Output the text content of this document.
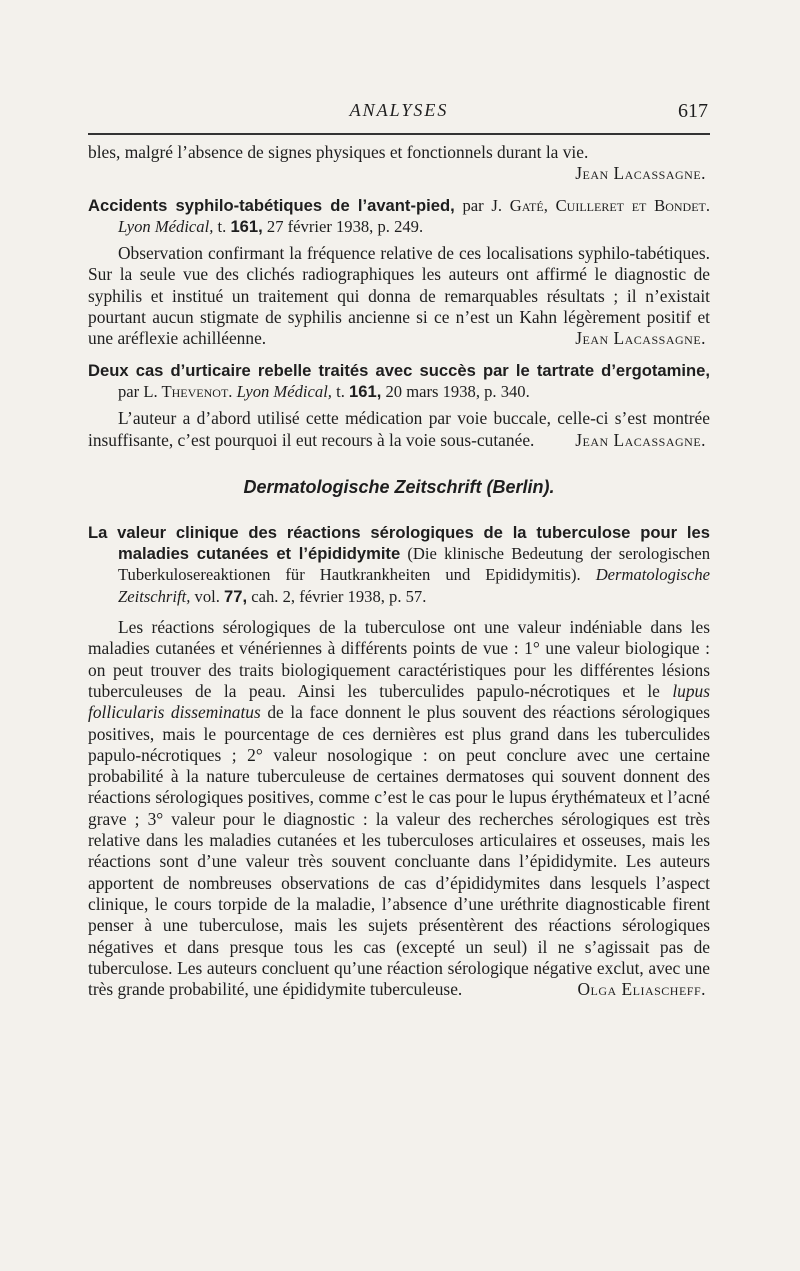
ANALYSES	617

bles, malgré l’absence de signes physiques et fonctionnels durant la vie.
Jean Lacassagne.

Accidents syphilo-tabétiques de l’avant-pied, par J. Gaté, Cuilleret et Bondet. Lyon Médical, t. 161, 27 février 1938, p. 249.

Observation confirmant la fréquence relative de ces localisations syphilo-tabétiques. Sur la seule vue des clichés radiographiques les auteurs ont affirmé le diagnostic de syphilis et institué un traitement qui donna de remarquables résultats ; il n’existait pourtant aucun stigmate de syphilis ancienne si ce n’est un Kahn légèrement positif et une aréflexie achilléenne.	Jean Lacassagne.

Deux cas d’urticaire rebelle traités avec succès par le tartrate d’ergotamine, par L. Thevenot. Lyon Médical, t. 161, 20 mars 1938, p. 340.

L’auteur a d’abord utilisé cette médication par voie buccale, celle-ci s’est montrée insuffisante, c’est pourquoi il eut recours à la voie sous-cutanée.	Jean Lacassagne.

Dermatologische Zeitschrift (Berlin).

La valeur clinique des réactions sérologiques de la tuberculose pour les maladies cutanées et l’épididymite (Die klinische Bedeutung der serologischen Tuberkulosereaktionen für Hautkrankheiten und Epididymitis). Dermatologische Zeitschrift, vol. 77, cah. 2, février 1938, p. 57.

Les réactions sérologiques de la tuberculose ont une valeur indéniable dans les maladies cutanées et vénériennes à différents points de vue : 1° une valeur biologique : on peut trouver des traits biologiquement caractéristiques pour les différentes lésions tuberculeuses de la peau. Ainsi les tuberculides papulo-nécrotiques et le lupus follicularis disseminatus de la face donnent le plus souvent des réactions sérologiques positives, mais le pourcentage de ces dernières est plus grand dans les tuberculides papulo-nécrotiques ; 2° valeur nosologique : on peut conclure avec une certaine probabilité à la nature tuberculeuse de certaines dermatoses qui souvent donnent des réactions sérologiques positives, comme c’est le cas pour le lupus érythémateux et l’acné grave ; 3° valeur pour le diagnostic : la valeur des recherches sérologiques est très relative dans les maladies cutanées et les tuberculoses articulaires et osseuses, mais les réactions sont d’une valeur très souvent concluante dans l’épididymite. Les auteurs apportent de nombreuses observations de cas d’épididymites dans lesquels l’aspect clinique, le cours torpide de la maladie, l’absence d’une uréthrite diagnosticable firent penser à une tuberculose, mais les sujets présentèrent des réactions sérologiques négatives et dans presque tous les cas (excepté un seul) il ne s’agissait pas de tuberculose. Les auteurs concluent qu’une réaction sérologique négative exclut, avec une très grande probabilité, une épididymite tuberculeuse.	Olga Eliascheff.
